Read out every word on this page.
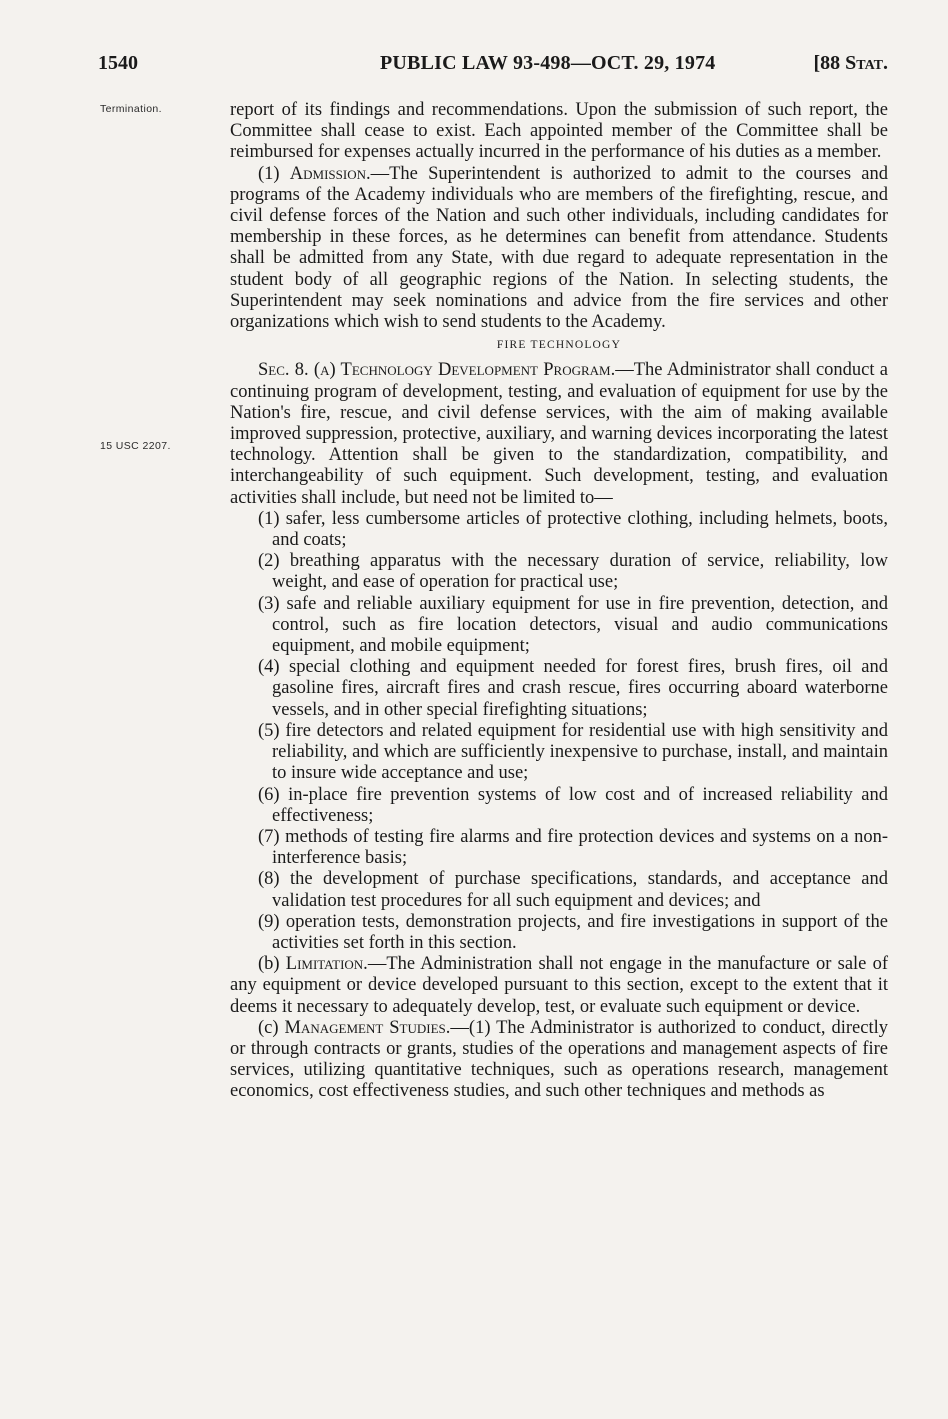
1540	PUBLIC LAW 93-498—OCT. 29, 1974	[88 Stat.
Termination.
15 USC 2207.

report of its findings and recommendations. Upon the submission of such report, the Committee shall cease to exist. Each appointed member of the Committee shall be reimbursed for expenses actually incurred in the performance of his duties as a member.

(1) Admission.—The Superintendent is authorized to admit to the courses and programs of the Academy individuals who are members of the firefighting, rescue, and civil defense forces of the Nation and such other individuals, including candidates for membership in these forces, as he determines can benefit from attendance. Students shall be admitted from any State, with due regard to adequate representation in the student body of all geographic regions of the Nation. In selecting students, the Superintendent may seek nominations and advice from the fire services and other organizations which wish to send students to the Academy.

FIRE TECHNOLOGY

Sec. 8. (a) Technology Development Program.—The Administrator shall conduct a continuing program of development, testing, and evaluation of equipment for use by the Nation's fire, rescue, and civil defense services, with the aim of making available improved suppression, protective, auxiliary, and warning devices incorporating the latest technology. Attention shall be given to the standardization, compatibility, and interchangeability of such equipment. Such development, testing, and evaluation activities shall include, but need not be limited to—

(1) safer, less cumbersome articles of protective clothing, including helmets, boots, and coats;

(2) breathing apparatus with the necessary duration of service, reliability, low weight, and ease of operation for practical use;

(3) safe and reliable auxiliary equipment for use in fire prevention, detection, and control, such as fire location detectors, visual and audio communications equipment, and mobile equipment;

(4) special clothing and equipment needed for forest fires, brush fires, oil and gasoline fires, aircraft fires and crash rescue, fires occurring aboard waterborne vessels, and in other special firefighting situations;

(5) fire detectors and related equipment for residential use with high sensitivity and reliability, and which are sufficiently inexpensive to purchase, install, and maintain to insure wide acceptance and use;

(6) in-place fire prevention systems of low cost and of increased reliability and effectiveness;

(7) methods of testing fire alarms and fire protection devices and systems on a non-interference basis;

(8) the development of purchase specifications, standards, and acceptance and validation test procedures for all such equipment and devices; and

(9) operation tests, demonstration projects, and fire investigations in support of the activities set forth in this section.

(b) Limitation.—The Administration shall not engage in the manufacture or sale of any equipment or device developed pursuant to this section, except to the extent that it deems it necessary to adequately develop, test, or evaluate such equipment or device.

(c) Management Studies.—(1) The Administrator is authorized to conduct, directly or through contracts or grants, studies of the operations and management aspects of fire services, utilizing quantitative techniques, such as operations research, management economics, cost effectiveness studies, and such other techniques and methods as
